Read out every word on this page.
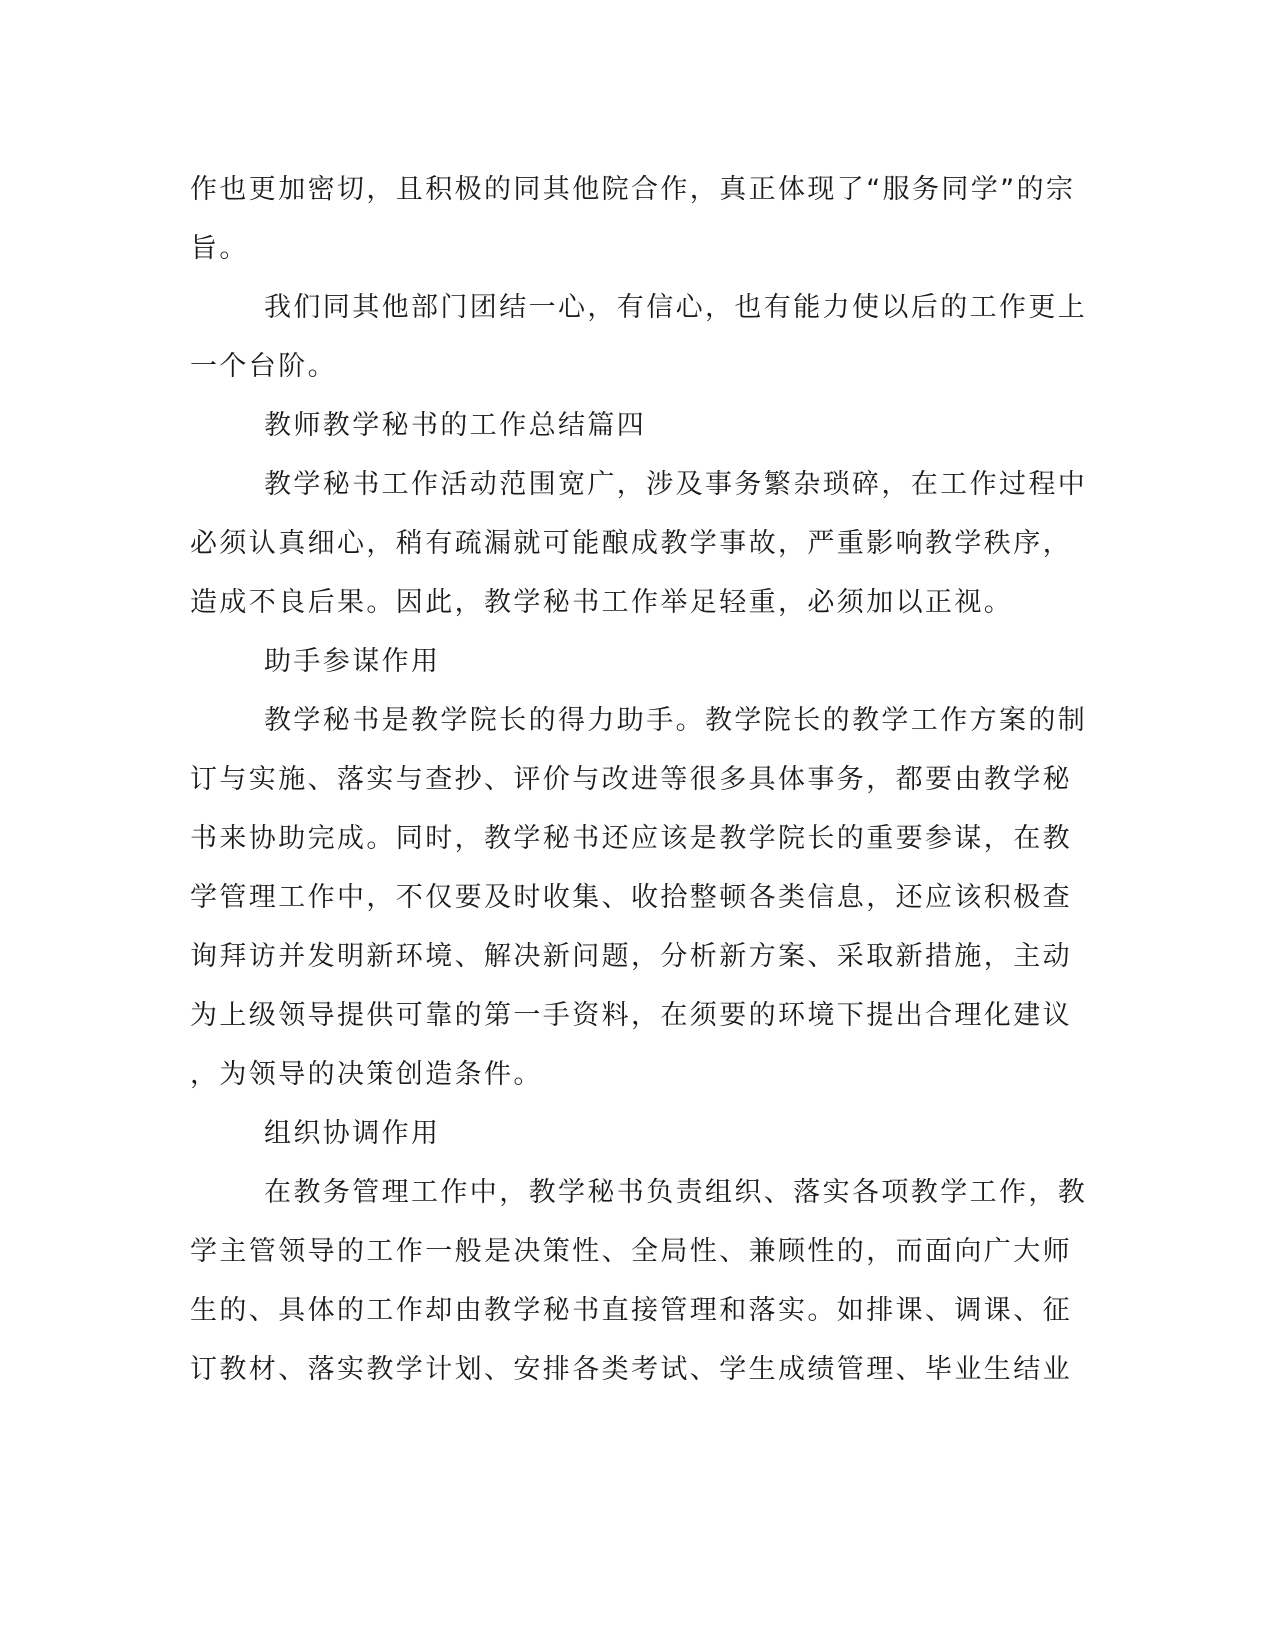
作也更加密切，且积极的同其他院合作，真正体现了“服务同学”的宗
旨。
我们同其他部门团结一心，有信心，也有能力使以后的工作更上
一个台阶。
教师教学秘书的工作总结篇四
教学秘书工作活动范围宽广，涉及事务繁杂琐碎，在工作过程中
必须认真细心，稍有疏漏就可能酿成教学事故，严重影响教学秩序，
造成不良后果。因此，教学秘书工作举足轻重，必须加以正视。
助手参谋作用
教学秘书是教学院长的得力助手。教学院长的教学工作方案的制
订与实施、落实与查抄、评价与改进等很多具体事务，都要由教学秘
书来协助完成。同时，教学秘书还应该是教学院长的重要参谋，在教
学管理工作中，不仅要及时收集、收拾整顿各类信息，还应该积极查
询拜访并发明新环境、解决新问题，分析新方案、采取新措施，主动
为上级领导提供可靠的第一手资料，在须要的环境下提出合理化建议
，为领导的决策创造条件。
组织协调作用
在教务管理工作中，教学秘书负责组织、落实各项教学工作，教
学主管领导的工作一般是决策性、全局性、兼顾性的，而面向广大师
生的、具体的工作却由教学秘书直接管理和落实。如排课、调课、征
订教材、落实教学计划、安排各类考试、学生成绩管理、毕业生结业
